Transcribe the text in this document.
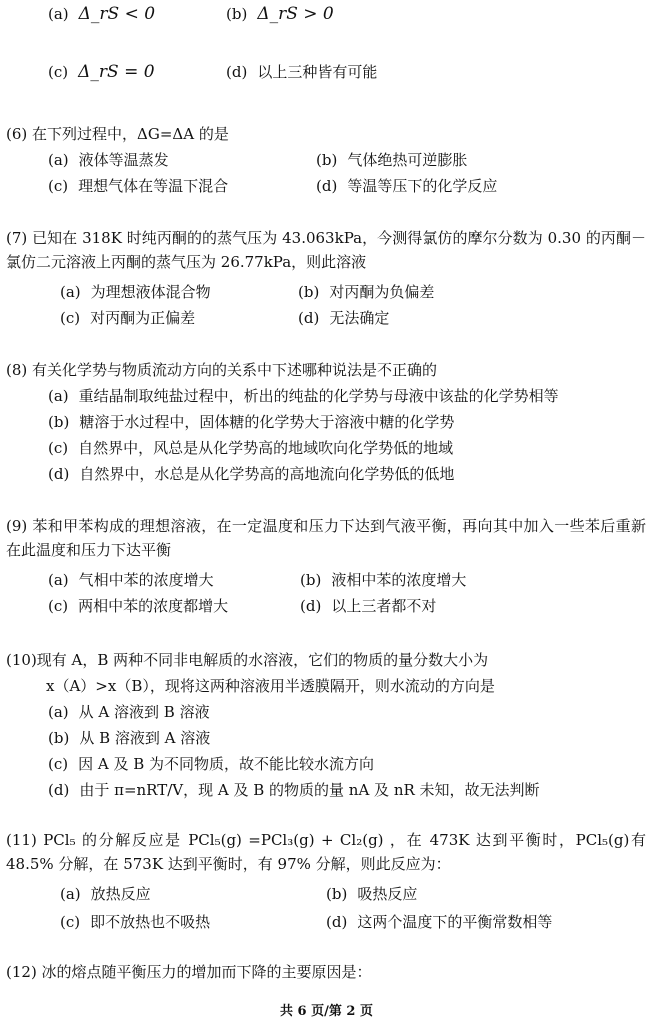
(a) Δ_rS < 0	(b) Δ_rS > 0
(c) Δ_rS = 0	(d) 以上三种皆有可能
(6) 在下列过程中，ΔG=ΔA 的是
(a) 液体等温蒸发	(b) 气体绝热可逆膨胀
(c) 理想气体在等温下混合	(d) 等温等压下的化学反应
(7) 已知在 318K 时纯丙酮的的蒸气压为 43.063kPa，今测得氯仿的摩尔分数为 0.30 的丙酮－氯仿二元溶液上丙酮的蒸气压为 26.77kPa，则此溶液
(a) 为理想液体混合物	(b) 对丙酮为负偏差
(c) 对丙酮为正偏差	(d) 无法确定
(8) 有关化学势与物质流动方向的关系中下述哪种说法是不正确的
(a) 重结晶制取纯盐过程中，析出的纯盐的化学势与母液中该盐的化学势相等
(b) 糖溶于水过程中，固体糖的化学势大于溶液中糖的化学势
(c) 自然界中，风总是从化学势高的地域吹向化学势低的地域
(d) 自然界中，水总是从化学势高的高地流向化学势低的低地
(9) 苯和甲苯构成的理想溶液，在一定温度和压力下达到气液平衡，再向其中加入一些苯后重新在此温度和压力下达平衡
(a) 气相中苯的浓度增大	(b) 液相中苯的浓度增大
(c) 两相中苯的浓度都增大	(d) 以上三者都不对
(10)现有 A，B 两种不同非电解质的水溶液，它们的物质的量分数大小为
x（A）>x（B），现将这两种溶液用半透膜隔开，则水流动的方向是
(a) 从 A 溶液到 B 溶液
(b) 从 B 溶液到 A 溶液
(c) 因 A 及 B 为不同物质，故不能比较水流方向
(d) 由于 π=nRT/V，现 A 及 B 的物质的量 nA 及 nR 未知，故无法判断
(11) PCl₅ 的分解反应是 PCl₅(g) =PCl₃(g) + Cl₂(g) ，在 473K 达到平衡时，PCl₅(g)有 48.5% 分解，在 573K 达到平衡时，有 97% 分解，则此反应为：
(a) 放热反应	(b) 吸热反应
(c) 即不放热也不吸热	(d) 这两个温度下的平衡常数相等
(12) 冰的熔点随平衡压力的增加而下降的主要原因是：
共 6 页/第 2 页
